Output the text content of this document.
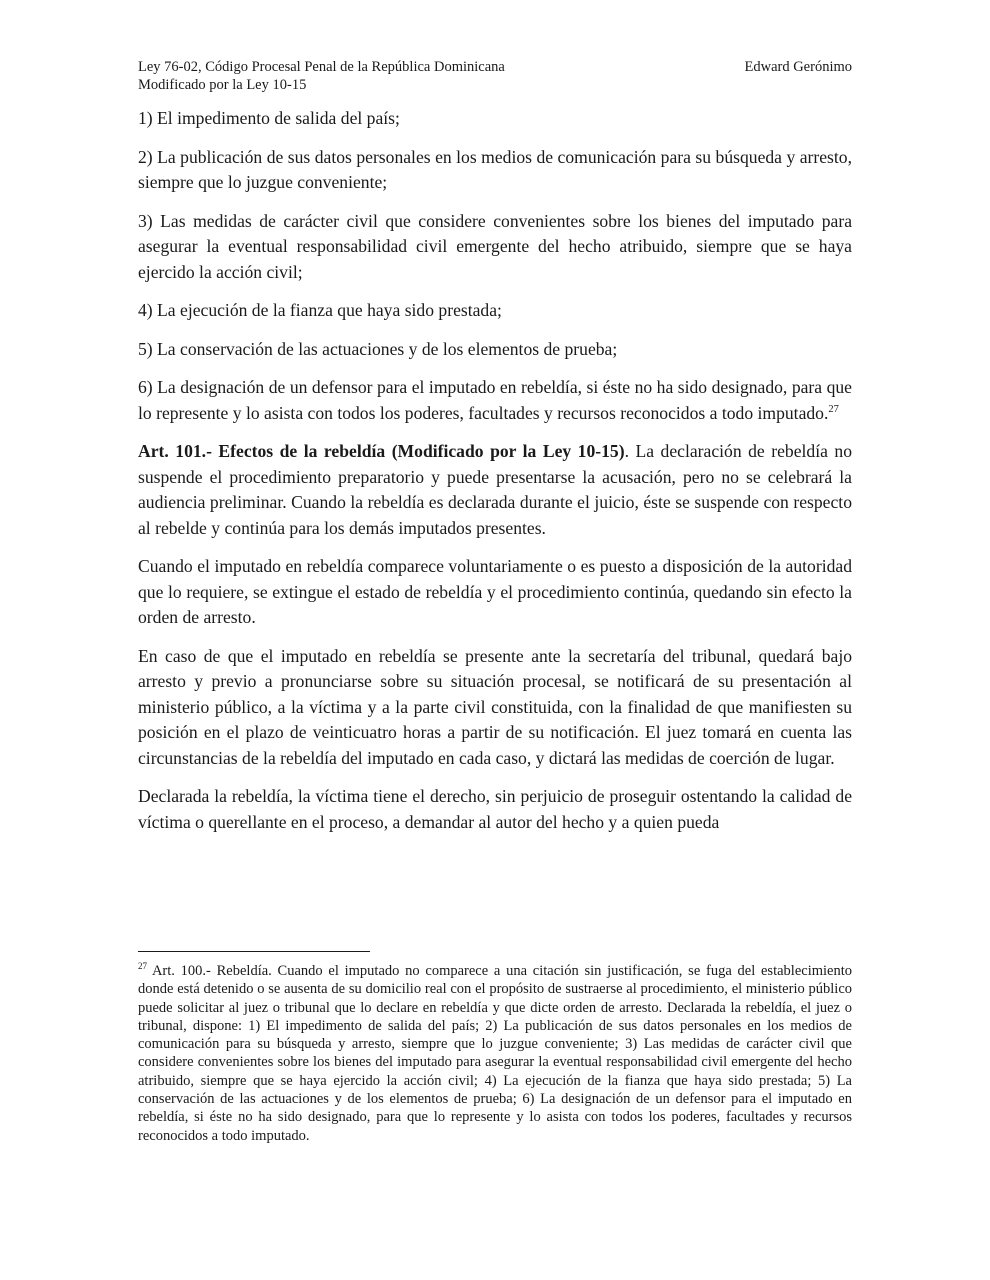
Ley 76-02, Código Procesal Penal de la República Dominicana
Modificado por la Ley 10-15
Edward Gerónimo

1) El impedimento de salida del país;

2) La publicación de sus datos personales en los medios de comunicación para su búsqueda y arresto, siempre que lo juzgue conveniente;

3) Las medidas de carácter civil que considere convenientes sobre los bienes del imputado para asegurar la eventual responsabilidad civil emergente del hecho atribuido, siempre que se haya ejercido la acción civil;

4) La ejecución de la fianza que haya sido prestada;

5) La conservación de las actuaciones y de los elementos de prueba;

6) La designación de un defensor para el imputado en rebeldía, si éste no ha sido designado, para que lo represente y lo asista con todos los poderes, facultades y recursos reconocidos a todo imputado.$^{27}$

Art. 101.- Efectos de la rebeldía (Modificado por la Ley 10-15). La declaración de rebeldía no suspende el procedimiento preparatorio y puede presentarse la acusación, pero no se celebrará la audiencia preliminar. Cuando la rebeldía es declarada durante el juicio, éste se suspende con respecto al rebelde y continúa para los demás imputados presentes.

Cuando el imputado en rebeldía comparece voluntariamente o es puesto a disposición de la autoridad que lo requiere, se extingue el estado de rebeldía y el procedimiento continúa, quedando sin efecto la orden de arresto.

En caso de que el imputado en rebeldía se presente ante la secretaría del tribunal, quedará bajo arresto y previo a pronunciarse sobre su situación procesal, se notificará de su presentación al ministerio público, a la víctima y a la parte civil constituida, con la finalidad de que manifiesten su posición en el plazo de veinticuatro horas a partir de su notificación. El juez tomará en cuenta las circunstancias de la rebeldía del imputado en cada caso, y dictará las medidas de coerción de lugar.

Declarada la rebeldía, la víctima tiene el derecho, sin perjuicio de proseguir ostentando la calidad de víctima o querellante en el proceso, a demandar al autor del hecho y a quien pueda

$^{27}$ Art. 100.- Rebeldía. Cuando el imputado no comparece a una citación sin justificación, se fuga del establecimiento donde está detenido o se ausenta de su domicilio real con el propósito de sustraerse al procedimiento, el ministerio público puede solicitar al juez o tribunal que lo declare en rebeldía y que dicte orden de arresto. Declarada la rebeldía, el juez o tribunal, dispone: 1) El impedimento de salida del país; 2) La publicación de sus datos personales en los medios de comunicación para su búsqueda y arresto, siempre que lo juzgue conveniente; 3) Las medidas de carácter civil que considere convenientes sobre los bienes del imputado para asegurar la eventual responsabilidad civil emergente del hecho atribuido, siempre que se haya ejercido la acción civil; 4) La ejecución de la fianza que haya sido prestada; 5) La conservación de las actuaciones y de los elementos de prueba; 6) La designación de un defensor para el imputado en rebeldía, si éste no ha sido designado, para que lo represente y lo asista con todos los poderes, facultades y recursos reconocidos a todo imputado.
